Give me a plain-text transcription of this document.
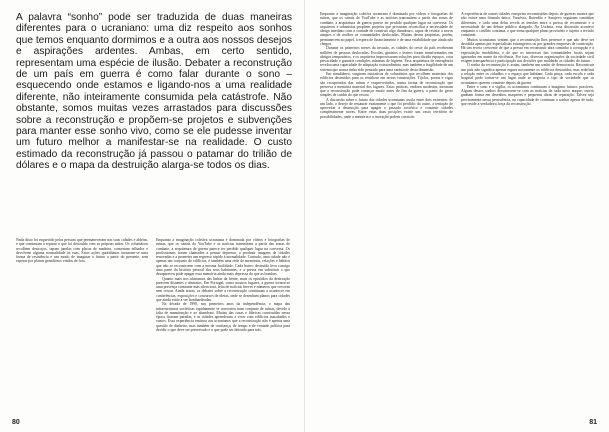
A palavra “sonho” pode ser traduzida de duas maneiras diferentes para o ucraniano: uma diz respeito aos sonhos que temos enquanto dormimos e a outra aos nossos desejos e aspirações ardentes. Ambas, em certo sentido, representam uma espécie de ilusão. Debater a reconstrução de um país em guerra é como falar durante o sono – esquecendo onde estamos e ligando-nos a uma realidade diferente, não inteiramente consumida pela catástrofe. Não obstante, somos muitas vezes arrastados para discussões sobre a reconstrução e propõem-se projetos e subvenções para manter esse sonho vivo, como se ele pudesse inventar um futuro melhor a manifestar-se na realidade. O custo estimado da reconstrução já passou o patamar do trilião de dólares e o mapa da destruição alarga-se todos os dias.

Nada disto foi esquecido pelas pessoas que permaneceram nas suas cidades e aldeias, e que continuam a reparar o que foi destruído com as próprias mãos. Os voluntários recolhem destroços, tapam janelas com placas de madeira, consertam telhados e devolvem alguma normalidade às ruas. Estas ações quotidianas tornaram-se uma forma de resistência e um modo de imaginar o futuro a partir do presente, sem esperar por planos grandiosos vindos de fora.

Enquanto a imaginação coletiva ucraniana é dominada por vídeos e fotografias de ruínas, que os canais do YouTube e as notícias transmitem a partir das zonas de combate, a arquitetura de guerra parece ter perdido qualquer lugar na conversa. Os profissionais foram chamados a pensar depressa, a produzir imagens de cidades renovadas e a prometer um regresso rápido à normalidade. Contudo, uma cidade não é apenas um conjunto de edifícios, é também uma rede de memórias, relações e hábitos que não se reconstroem com a mesma facilidade. Cada bairro destruído leva consigo uma parte da história pessoal dos seus habitantes, e a pressa em substituir o que desapareceu pode apagar essa memória ainda mais depressa do que as bombas.

Quanto mais nos afastamos das linhas da frente, mais os episódios da destruição parecem distantes e abstratos. Em Portugal, como noutros lugares, a guerra tornou-se uma presença constante mas silenciosa, feita de notícias breves e números que crescem sem cessar. Ainda assim, os debates sobre a reconstrução continuam a acontecer em conferências, exposições e concursos de ideias, onde se desenham planos para cidades que ainda estão a ser bombardeadas.

Na década de 1990, nos primeiros anos da independência, o mapa das infraestruturas soviéticas rapidamente se converteu num conjunto de ruínas, devido à falta de manutenção e ao abandono. Muitas das casas e fábricas construídas nessa época ficaram paradas, e as cidades aprenderam a viver com edifícios inacabados e vazios. Essa experiência ensinou aos ucranianos que a reconstrução não é apenas uma questão de dinheiro, mas também de confiança, de tempo e de vontade política para decidir o que deve ser preservado e o que pode ser deixado para trás.

80

Enquanto a imaginação coletiva ucraniana é dominada por vídeos e fotografias de ruínas, que os canais do YouTube e as notícias transmitem a partir das zonas de combate, a arquitetura de guerra parece ter perdido qualquer lugar na conversa. Os arquitetos e urbanistas propõem projetos que procuram reconciliar a necessidade de abrigo imediato com a vontade de construir algo duradouro, capaz de resistir a novos ataques e de acolher as comunidades deslocadas. Muitas destas propostas, porém, permanecem no papel, à espera de financiamento e de uma estabilidade que ainda não chegou.

Durante os primeiros meses da invasão, as cidades do oeste do país receberam milhões de pessoas deslocadas. Escolas, ginásios e teatros foram transformados em abrigos temporários, e os arquitetos improvisaram soluções para dividir espaços, criar privacidade e garantir condições mínimas de higiene. Essa arquitetura de emergência revelou uma capacidade de adaptação extraordinária, mas também a fragilidade de um sistema que nunca tinha sido pensado para uma catástrofe desta dimensão.

Em simultâneo, surgiram iniciativas de voluntários que recolhem materiais dos edifícios destruídos para os reutilizar em novas construções. Tijolos, portas e vigas são recuperados das ruínas e reaproveitados, numa forma de reconstrução que preserva a memória material dos lugares. Estas práticas, embora modestas, mostram que a reconstrução pode começar muito antes do fim da guerra, a partir do gesto simples de cuidar do que restou.

A discussão sobre o futuro das cidades ucranianas oscila entre dois extremos: de um lado, o desejo de restaurar exatamente o que foi perdido; do outro, a tentação de aproveitar a destruição para apagar o passado soviético e construir cidades completamente novas. Entre estas duas posições existe um vasto território de possibilidades, onde a memória e a inovação podem coexistir.

A experiência de outras cidades europeias reconstruídas depois de guerras mostra que não existe uma fórmula única. Varsóvia, Roterdão e Sarajevo seguiram caminhos diferentes, e cada uma delas revela as tensões entre a pressa de reconstruir e a necessidade de um debate público alargado. Na Ucrânia, essa discussão acontece enquanto o conflito continua, o que torna qualquer plano provisório e sujeito a revisão constante.

Muitos ucranianos sentem que a reconstrução lhes pertence e que não deve ser decidida apenas por especialistas estrangeiros ou por grandes empresas de construção. Há um receio crescente de que a pressa em reconstruir abra caminho à corrupção e à especulação imobiliária, e de que os interesses das comunidades locais sejam ignorados em nome da eficiência. Por isso, diversas organizações da sociedade civil exigem transparência e participação nas decisões que moldarão as cidades do futuro.

O sonho da reconstrução é, assim, também um sonho de democracia. Reconstruir um país não significa apenas erguer novamente os edifícios destruídos, mas redefinir a relação entre os cidadãos e o espaço que habitam. Cada praça, cada escola e cada hospital pode tornar-se um lugar onde se negocia o tipo de sociedade que os ucranianos querem construir depois da guerra.

Entre o sono e a vigília, os ucranianos continuam a imaginar futuros possíveis. Alguns desses sonhos desvanecem-se com as notícias de cada novo ataque; outros ganham forma em desenhos, maquetes e pequenas obras de reparação. Talvez seja precisamente nessa persistência, na capacidade de continuar a sonhar apesar de tudo, que reside a verdadeira força da reconstrução.

81
